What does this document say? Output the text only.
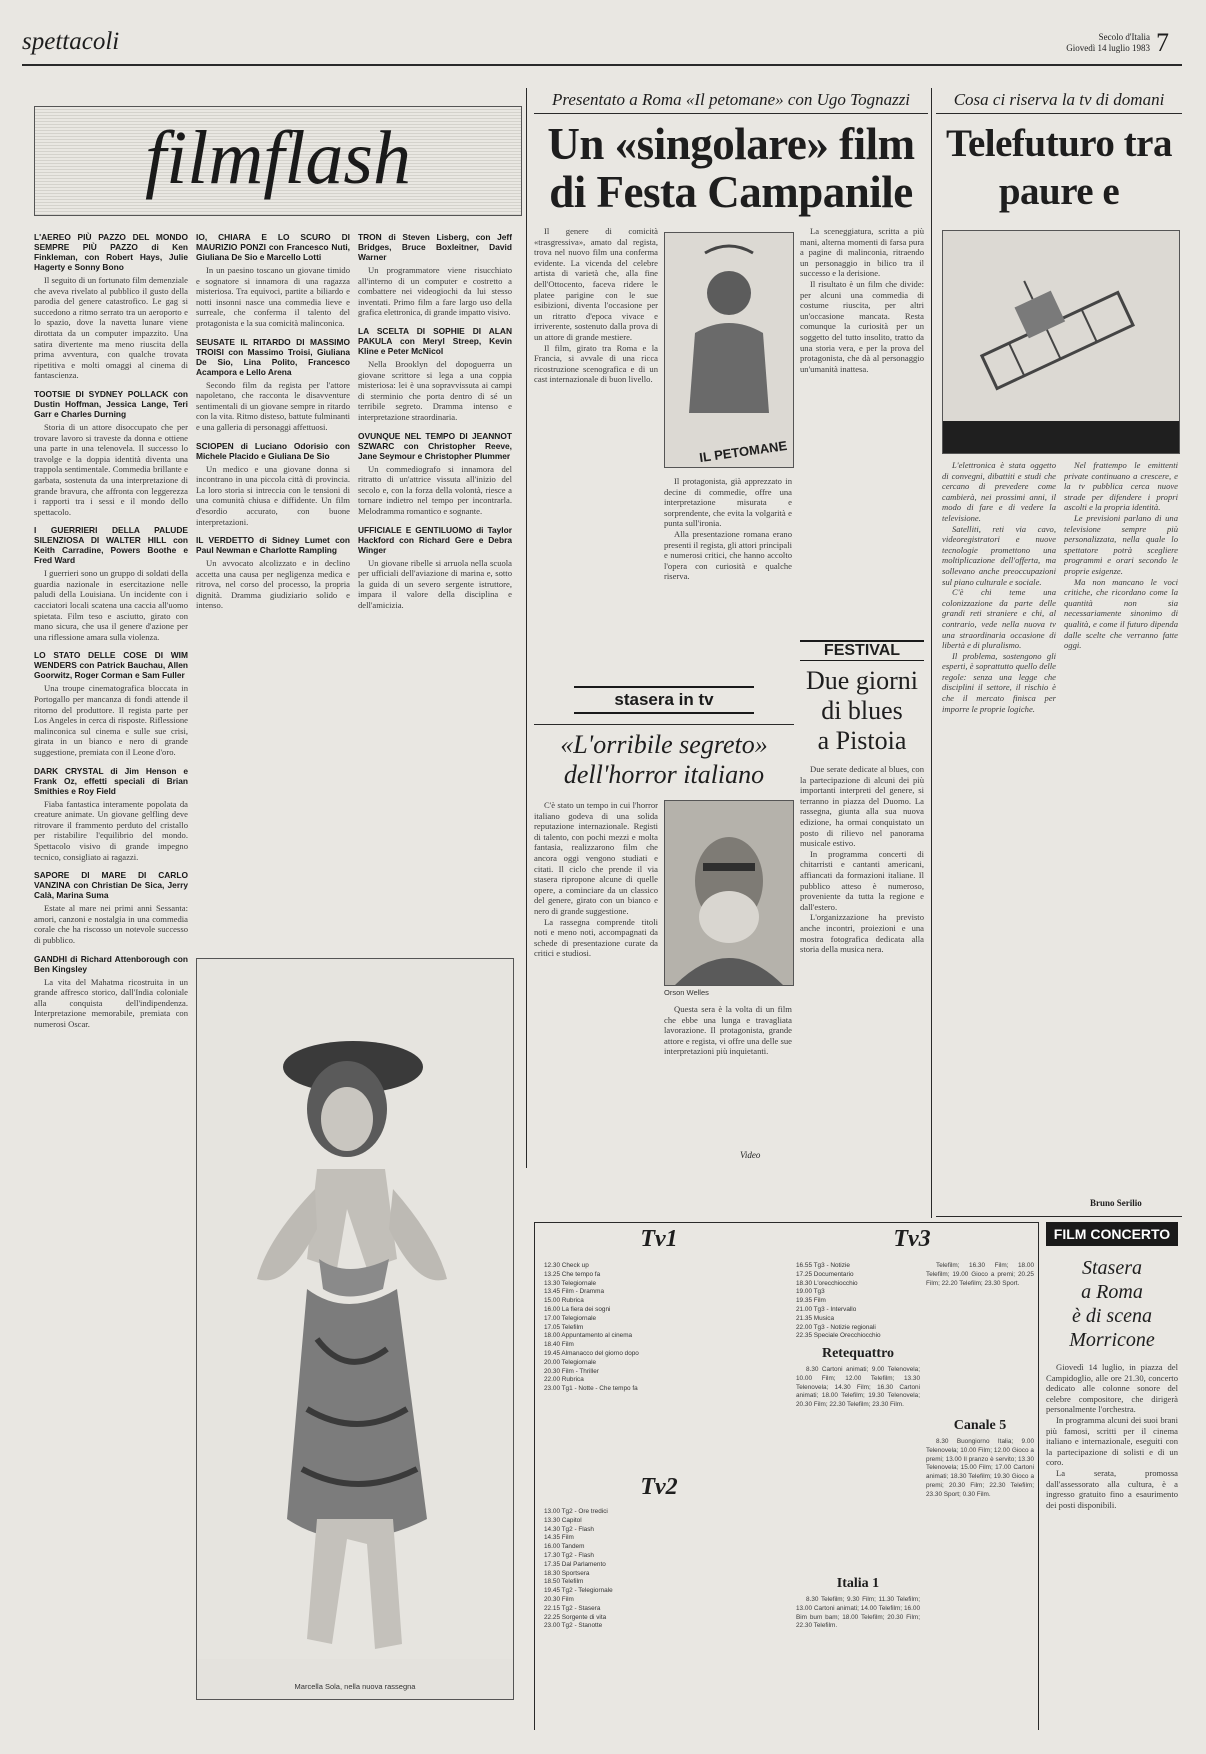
spettacoli	Secolo d'Italia
Giovedì 14 luglio 1983 7
filmflash
L'AEREO PIÙ PAZZO DEL MONDO SEMPRE PIÙ PAZZO di Ken Finkleman, con Robert Hays, Julie Hagerty e Sonny Bono

Il seguito di un fortunato film demenziale che aveva rivelato al pubblico il gusto della parodia del genere catastrofico. Le gag si succedono a ritmo serrato tra un aeroporto e lo spazio, dove la navetta lunare viene dirottata da un computer impazzito. Una satira divertente ma meno riuscita della prima avventura, con qualche trovata ripetitiva e molti omaggi al cinema di fantascienza.

TOOTSIE DI SYDNEY POLLACK con Dustin Hoffman, Jessica Lange, Teri Garr e Charles Durning

Storia di un attore disoccupato che per trovare lavoro si traveste da donna e ottiene una parte in una telenovela. Il successo lo travolge e la doppia identità diventa una trappola sentimentale. Commedia brillante e garbata, sostenuta da una interpretazione di grande bravura, che affronta con leggerezza i rapporti tra i sessi e il mondo dello spettacolo.

I GUERRIERI DELLA PALUDE SILENZIOSA DI WALTER HILL con Keith Carradine, Powers Boothe e Fred Ward

I guerrieri sono un gruppo di soldati della guardia nazionale in esercitazione nelle paludi della Louisiana. Un incidente con i cacciatori locali scatena una caccia all'uomo spietata. Film teso e asciutto, girato con mano sicura, che usa il genere d'azione per una riflessione amara sulla violenza.

LO STATO DELLE COSE DI WIM WENDERS con Patrick Bauchau, Allen Goorwitz, Roger Corman e Sam Fuller

Una troupe cinematografica bloccata in Portogallo per mancanza di fondi attende il ritorno del produttore. Il regista parte per Los Angeles in cerca di risposte. Riflessione malinconica sul cinema e sulle sue crisi, girata in un bianco e nero di grande suggestione, premiata con il Leone d'oro.

DARK CRYSTAL di Jim Henson e Frank Oz, effetti speciali di Brian Smithies e Roy Field

Fiaba fantastica interamente popolata da creature animate. Un giovane gelfling deve ritrovare il frammento perduto del cristallo per ristabilire l'equilibrio del mondo. Spettacolo visivo di grande impegno tecnico, consigliato ai ragazzi.

SAPORE DI MARE DI CARLO VANZINA con Christian De Sica, Jerry Calà, Marina Suma

Estate al mare nei primi anni Sessanta: amori, canzoni e nostalgia in una commedia corale che ha riscosso un notevole successo di pubblico.

GANDHI di Richard Attenborough con Ben Kingsley

La vita del Mahatma ricostruita in un grande affresco storico, dall'India coloniale alla conquista dell'indipendenza. Interpretazione memorabile, premiata con numerosi Oscar.

IO, CHIARA E LO SCURO DI MAURIZIO PONZI con Francesco Nuti, Giuliana De Sio e Marcello Lotti

In un paesino toscano un giovane timido e sognatore si innamora di una ragazza misteriosa. Tra equivoci, partite a biliardo e notti insonni nasce una commedia lieve e surreale, che conferma il talento del protagonista e la sua comicità malinconica.

SEUSATE IL RITARDO DI MASSIMO TROISI con Massimo Troisi, Giuliana De Sio, Lina Polito, Francesco Acampora e Lello Arena

Secondo film da regista per l'attore napoletano, che racconta le disavventure sentimentali di un giovane sempre in ritardo con la vita. Ritmo disteso, battute fulminanti e una galleria di personaggi affettuosi.

SCIOPEN di Luciano Odorisio con Michele Placido e Giuliana De Sio

Un medico e una giovane donna si incontrano in una piccola città di provincia. La loro storia si intreccia con le tensioni di una comunità chiusa e diffidente. Un film d'esordio accurato, con buone interpretazioni.

IL VERDETTO di Sidney Lumet con Paul Newman e Charlotte Rampling

Un avvocato alcolizzato e in declino accetta una causa per negligenza medica e ritrova, nel corso del processo, la propria dignità. Dramma giudiziario solido e intenso.

TRON di Steven Lisberg, con Jeff Bridges, Bruce Boxleitner, David Warner

Un programmatore viene risucchiato all'interno di un computer e costretto a combattere nei videogiochi da lui stesso inventati. Primo film a fare largo uso della grafica elettronica, di grande impatto visivo.

LA SCELTA DI SOPHIE DI ALAN PAKULA con Meryl Streep, Kevin Kline e Peter McNicol

Nella Brooklyn del dopoguerra un giovane scrittore si lega a una coppia misteriosa: lei è una sopravvissuta ai campi di sterminio che porta dentro di sé un terribile segreto. Dramma intenso e interpretazione straordinaria.

OVUNQUE NEL TEMPO DI JEANNOT SZWARC con Christopher Reeve, Jane Seymour e Christopher Plummer

Un commediografo si innamora del ritratto di un'attrice vissuta all'inizio del secolo e, con la forza della volontà, riesce a tornare indietro nel tempo per incontrarla. Melodramma romantico e sognante.

UFFICIALE E GENTILUOMO di Taylor Hackford con Richard Gere e Debra Winger

Un giovane ribelle si arruola nella scuola per ufficiali dell'aviazione di marina e, sotto la guida di un severo sergente istruttore, impara il valore della disciplina e dell'amicizia.

Marcella Sola, nella nuova rassegna
Presentato a Roma «Il petomane» con Ugo Tognazzi
Un «singolare» film
di Festa Campanile

Il genere di comicità «trasgressiva», amato dal regista, trova nel nuovo film una conferma evidente. La vicenda del celebre artista di varietà che, alla fine dell'Ottocento, faceva ridere le platee parigine con le sue esibizioni, diventa l'occasione per un ritratto d'epoca vivace e irriverente, sostenuto dalla prova di un attore di grande mestiere.

Il film, girato tra Roma e la Francia, si avvale di una ricca ricostruzione scenografica e di un cast internazionale di buon livello.

Il protagonista, già apprezzato in decine di commedie, offre una interpretazione misurata e sorprendente, che evita la volgarità e punta sull'ironia.

Alla presentazione romana erano presenti il regista, gli attori principali e numerosi critici, che hanno accolto l'opera con curiosità e qualche riserva.

La sceneggiatura, scritta a più mani, alterna momenti di farsa pura a pagine di malinconia, ritraendo un personaggio in bilico tra il successo e la derisione.

Il risultato è un film che divide: per alcuni una commedia di costume riuscita, per altri un'occasione mancata. Resta comunque la curiosità per un soggetto del tutto insolito, tratto da una storia vera, e per la prova del protagonista, che dà al personaggio un'umanità inattesa.

IL PETOMANE
stasera in tv
«L'orribile segreto»
dell'horror italiano

C'è stato un tempo in cui l'horror italiano godeva di una solida reputazione internazionale. Registi di talento, con pochi mezzi e molta fantasia, realizzarono film che ancora oggi vengono studiati e citati. Il ciclo che prende il via stasera ripropone alcune di quelle opere, a cominciare da un classico del genere, girato con un bianco e nero di grande suggestione.

La rassegna comprende titoli noti e meno noti, accompagnati da schede di presentazione curate da critici e studiosi.

Orson Welles

Questa sera è la volta di un film che ebbe una lunga e travagliata lavorazione. Il protagonista, grande attore e regista, vi offre una delle sue interpretazioni più inquietanti.

Video
FESTIVAL
Due giorni
di blues
a Pistoia

Due serate dedicate al blues, con la partecipazione di alcuni dei più importanti interpreti del genere, si terranno in piazza del Duomo. La rassegna, giunta alla sua nuova edizione, ha ormai conquistato un posto di rilievo nel panorama musicale estivo.

In programma concerti di chitarristi e cantanti americani, affiancati da formazioni italiane. Il pubblico atteso è numeroso, proveniente da tutta la regione e dall'estero.

L'organizzazione ha previsto anche incontri, proiezioni e una mostra fotografica dedicata alla storia della musica nera.

Cosa ci riserva la tv di domani
Telefuturo tra
paure e

L'elettronica è stata oggetto di convegni, dibattiti e studi che cercano di prevedere come cambierà, nei prossimi anni, il modo di fare e di vedere la televisione.

Satelliti, reti via cavo, videoregistratori e nuove tecnologie promettono una moltiplicazione dell'offerta, ma sollevano anche preoccupazioni sul piano culturale e sociale.

C'è chi teme una colonizzazione da parte delle grandi reti straniere e chi, al contrario, vede nella nuova tv una straordinaria occasione di libertà e di pluralismo.

Il problema, sostengono gli esperti, è soprattutto quello delle regole: senza una legge che disciplini il settore, il rischio è che il mercato finisca per imporre le proprie logiche.

Nel frattempo le emittenti private continuano a crescere, e la tv pubblica cerca nuove strade per difendere i propri ascolti e la propria identità.

Le previsioni parlano di una televisione sempre più personalizzata, nella quale lo spettatore potrà scegliere programmi e orari secondo le proprie esigenze.

Ma non mancano le voci critiche, che ricordano come la quantità non sia necessariamente sinonimo di qualità, e come il futuro dipenda dalle scelte che verranno fatte oggi.

Bruno Serilio
FILM CONCERTO
Stasera
a Roma
è di scena
Morricone

Giovedì 14 luglio, in piazza del Campidoglio, alle ore 21.30, concerto dedicato alle colonne sonore del celebre compositore, che dirigerà personalmente l'orchestra.

In programma alcuni dei suoi brani più famosi, scritti per il cinema italiano e internazionale, eseguiti con la partecipazione di solisti e di un coro.

La serata, promossa dall'assessorato alla cultura, è a ingresso gratuito fino a esaurimento dei posti disponibili.

Tv1
12.30 Check up
13.25 Che tempo fa
13.30 Telegiornale
13.45 Film - Dramma
15.00 Rubrica
16.00 La fiera dei sogni
17.00 Telegiornale
17.05 Telefilm
18.00 Appuntamento al cinema
18.40 Film
19.45 Almanacco del giorno dopo
20.00 Telegiornale
20.30 Film - Thriller
22.00 Rubrica
23.00 Tg1 - Notte - Che tempo fa
Tv2
13.00 Tg2 - Ore tredici
13.30 Capitol
14.30 Tg2 - Flash
14.35 Film
16.00 Tandem
17.30 Tg2 - Flash
17.35 Dal Parlamento
18.30 Sportsera
18.50 Telefilm
19.45 Tg2 - Telegiornale
20.30 Film
22.15 Tg2 - Stasera
22.25 Sorgente di vita
23.00 Tg2 - Stanotte
Tv3
16.55 Tg3 - Notizie
17.25 Documentario
18.30 L'orecchiocchio
19.00 Tg3
19.35 Film
21.00 Tg3 - Intervallo
21.35 Musica
22.00 Tg3 - Notizie regionali
22.35 Speciale Orecchiocchio
Retequattro

8.30 Cartoni animati; 9.00 Telenovela; 10.00 Film; 12.00 Telefilm; 13.30 Telenovela; 14.30 Film; 16.30 Cartoni animati; 18.00 Telefilm; 19.30 Telenovela; 20.30 Film; 22.30 Telefilm; 23.30 Film.

Italia 1

8.30 Telefilm; 9.30 Film; 11.30 Telefilm; 13.00 Cartoni animati; 14.00 Telefilm; 16.00 Bim bum bam; 18.00 Telefilm; 20.30 Film; 22.30 Telefilm.

Telefilm; 16.30 Film; 18.00 Telefilm; 19.00 Gioco a premi; 20.25 Film; 22.20 Telefilm; 23.30 Sport.

Canale 5

8.30 Buongiorno Italia; 9.00 Telenovela; 10.00 Film; 12.00 Gioco a premi; 13.00 Il pranzo è servito; 13.30 Telenovela; 15.00 Film; 17.00 Cartoni animati; 18.30 Telefilm; 19.30 Gioco a premi; 20.30 Film; 22.30 Telefilm; 23.30 Sport; 0.30 Film.
